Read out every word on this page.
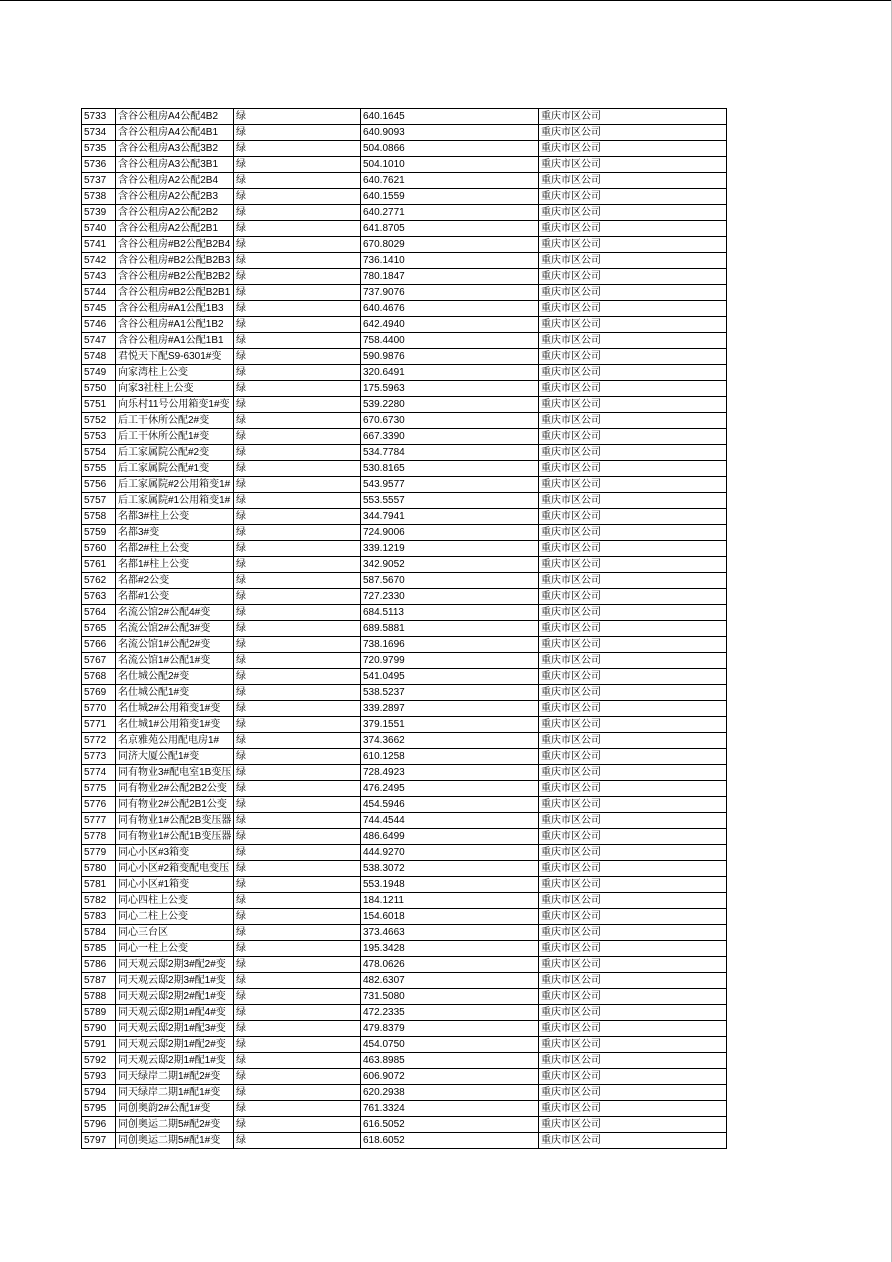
5733	含谷公租房A4公配4B2	绿	640.1645	重庆市区公司
5734	含谷公租房A4公配4B1	绿	640.9093	重庆市区公司
5735	含谷公租房A3公配3B2	绿	504.0866	重庆市区公司
5736	含谷公租房A3公配3B1	绿	504.1010	重庆市区公司
5737	含谷公租房A2公配2B4	绿	640.7621	重庆市区公司
5738	含谷公租房A2公配2B3	绿	640.1559	重庆市区公司
5739	含谷公租房A2公配2B2	绿	640.2771	重庆市区公司
5740	含谷公租房A2公配2B1	绿	641.8705	重庆市区公司
5741	含谷公租房#B2公配B2B4	绿	670.8029	重庆市区公司
5742	含谷公租房#B2公配B2B3	绿	736.1410	重庆市区公司
5743	含谷公租房#B2公配B2B2	绿	780.1847	重庆市区公司
5744	含谷公租房#B2公配B2B1	绿	737.9076	重庆市区公司
5745	含谷公租房#A1公配1B3	绿	640.4676	重庆市区公司
5746	含谷公租房#A1公配1B2	绿	642.4940	重庆市区公司
5747	含谷公租房#A1公配1B1	绿	758.4400	重庆市区公司
5748	君悦天下配S9-6301#变	绿	590.9876	重庆市区公司
5749	向家湾柱上公变	绿	320.6491	重庆市区公司
5750	向家3社柱上公变	绿	175.5963	重庆市区公司
5751	向乐村11号公用箱变1#变	绿	539.2280	重庆市区公司
5752	后工干休所公配2#变	绿	670.6730	重庆市区公司
5753	后工干休所公配1#变	绿	667.3390	重庆市区公司
5754	后工家属院公配#2变	绿	534.7784	重庆市区公司
5755	后工家属院公配#1变	绿	530.8165	重庆市区公司
5756	后工家属院#2公用箱变1#	绿	543.9577	重庆市区公司
5757	后工家属院#1公用箱变1#	绿	553.5557	重庆市区公司
5758	名都3#柱上公变	绿	344.7941	重庆市区公司
5759	名都3#变	绿	724.9006	重庆市区公司
5760	名都2#柱上公变	绿	339.1219	重庆市区公司
5761	名都1#柱上公变	绿	342.9052	重庆市区公司
5762	名都#2公变	绿	587.5670	重庆市区公司
5763	名都#1公变	绿	727.2330	重庆市区公司
5764	名流公馆2#公配4#变	绿	684.5113	重庆市区公司
5765	名流公馆2#公配3#变	绿	689.5881	重庆市区公司
5766	名流公馆1#公配2#变	绿	738.1696	重庆市区公司
5767	名流公馆1#公配1#变	绿	720.9799	重庆市区公司
5768	名仕城公配2#变	绿	541.0495	重庆市区公司
5769	名仕城公配1#变	绿	538.5237	重庆市区公司
5770	名仕城2#公用箱变1#变	绿	339.2897	重庆市区公司
5771	名仕城1#公用箱变1#变	绿	379.1551	重庆市区公司
5772	名京雅苑公用配电房1#	绿	374.3662	重庆市区公司
5773	同济大厦公配1#变	绿	610.1258	重庆市区公司
5774	同有物业3#配电室1B变压	绿	728.4923	重庆市区公司
5775	同有物业2#公配2B2公变	绿	476.2495	重庆市区公司
5776	同有物业2#公配2B1公变	绿	454.5946	重庆市区公司
5777	同有物业1#公配2B变压器	绿	744.4544	重庆市区公司
5778	同有物业1#公配1B变压器	绿	486.6499	重庆市区公司
5779	同心小区#3箱变	绿	444.9270	重庆市区公司
5780	同心小区#2箱变配电变压	绿	538.3072	重庆市区公司
5781	同心小区#1箱变	绿	553.1948	重庆市区公司
5782	同心四柱上公变	绿	184.1211	重庆市区公司
5783	同心二柱上公变	绿	154.6018	重庆市区公司
5784	同心三台区	绿	373.4663	重庆市区公司
5785	同心一柱上公变	绿	195.3428	重庆市区公司
5786	同天观云邸2期3#配2#变	绿	478.0626	重庆市区公司
5787	同天观云邸2期3#配1#变	绿	482.6307	重庆市区公司
5788	同天观云邸2期2#配1#变	绿	731.5080	重庆市区公司
5789	同天观云邸2期1#配4#变	绿	472.2335	重庆市区公司
5790	同天观云邸2期1#配3#变	绿	479.8379	重庆市区公司
5791	同天观云邸2期1#配2#变	绿	454.0750	重庆市区公司
5792	同天观云邸2期1#配1#变	绿	463.8985	重庆市区公司
5793	同天绿岸二期1#配2#变	绿	606.9072	重庆市区公司
5794	同天绿岸二期1#配1#变	绿	620.2938	重庆市区公司
5795	同创奥韵2#公配1#变	绿	761.3324	重庆市区公司
5796	同创奥运二期5#配2#变	绿	616.5052	重庆市区公司
5797	同创奥运二期5#配1#变	绿	618.6052	重庆市区公司
